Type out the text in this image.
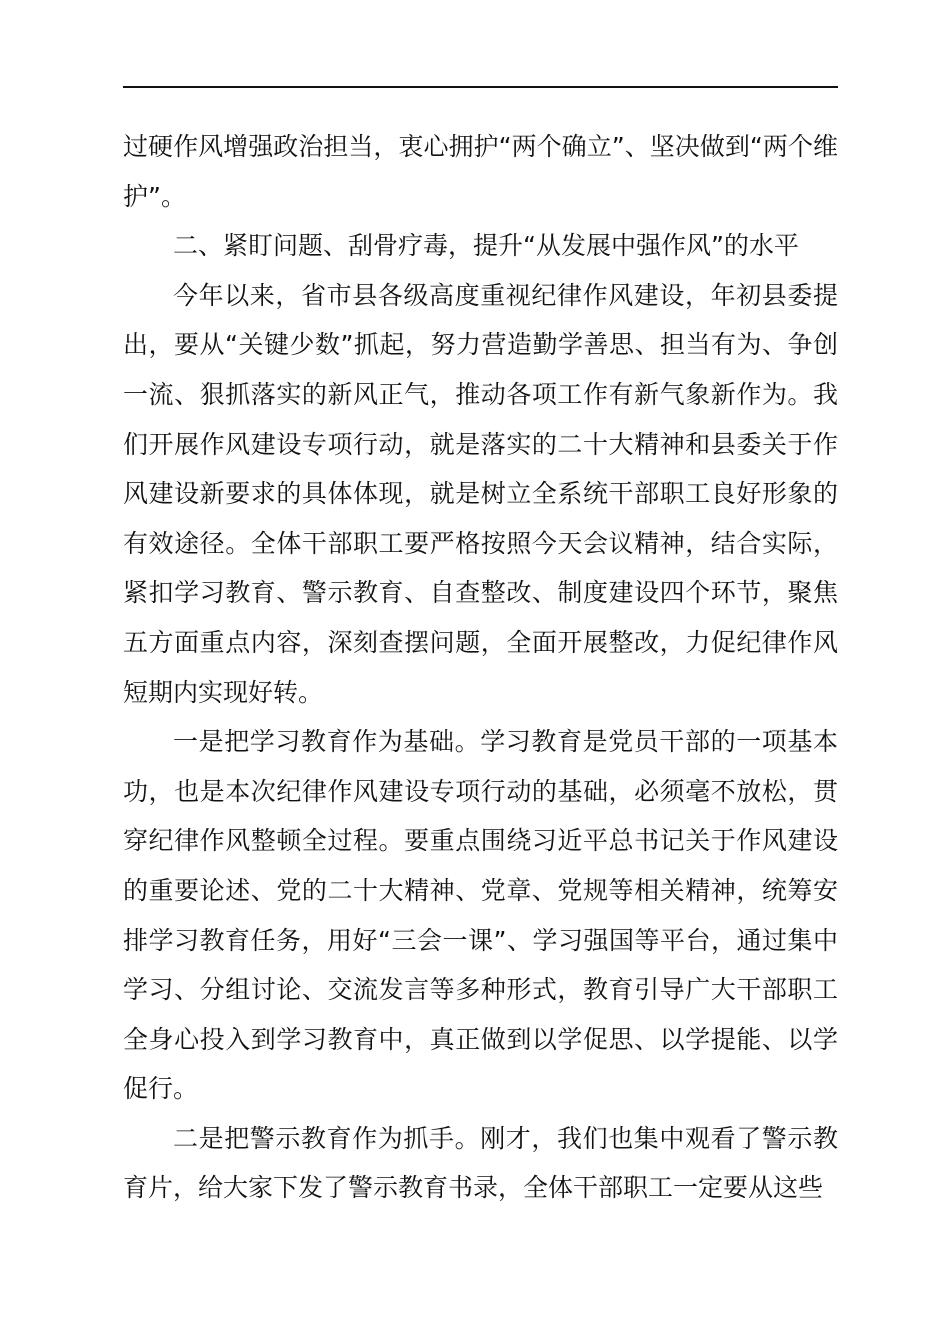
过硬作风增强政治担当，衷心拥护“两个确立”、坚决做到“两个维护”。

二、紧盯问题、刮骨疗毒，提升“从发展中强作风”的水平

今年以来，省市县各级高度重视纪律作风建设，年初县委提出，要从“关键少数”抓起，努力营造勤学善思、担当有为、争创一流、狠抓落实的新风正气，推动各项工作有新气象新作为。我们开展作风建设专项行动，就是落实的二十大精神和县委关于作风建设新要求的具体体现，就是树立全系统干部职工良好形象的有效途径。全体干部职工要严格按照今天会议精神，结合实际，紧扣学习教育、警示教育、自查整改、制度建设四个环节，聚焦五方面重点内容，深刻查摆问题，全面开展整改，力促纪律作风短期内实现好转。

一是把学习教育作为基础。学习教育是党员干部的一项基本功，也是本次纪律作风建设专项行动的基础，必须毫不放松，贯穿纪律作风整顿全过程。要重点围绕习近平总书记关于作风建设的重要论述、党的二十大精神、党章、党规等相关精神，统筹安排学习教育任务，用好“三会一课”、学习强国等平台，通过集中学习、分组讨论、交流发言等多种形式，教育引导广大干部职工全身心投入到学习教育中，真正做到以学促思、以学提能、以学促行。

二是把警示教育作为抓手。刚才，我们也集中观看了警示教育片，给大家下发了警示教育书录，全体干部职工一定要从这些
